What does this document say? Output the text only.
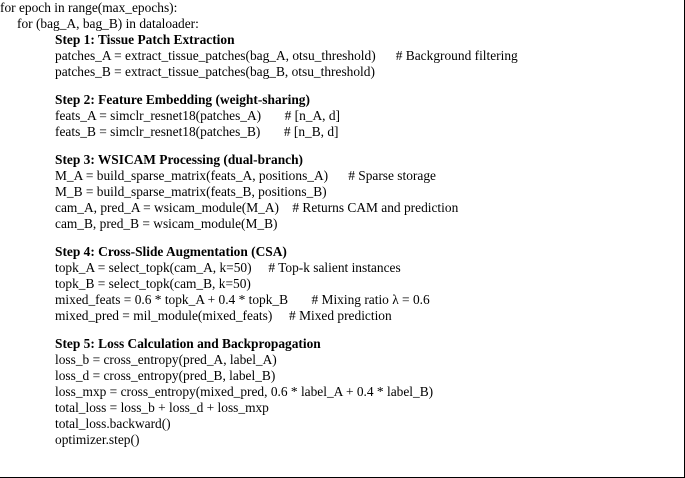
for epoch in range(max_epochs):
for (bag_A, bag_B) in dataloader:
Step 1: Tissue Patch Extraction
patches_A = extract_tissue_patches(bag_A, otsu_threshold) # Background filtering
patches_B = extract_tissue_patches(bag_B, otsu_threshold)
Step 2: Feature Embedding (weight-sharing)
feats_A = simclr_resnet18(patches_A) # [n_A, d]
feats_B = simclr_resnet18(patches_B) # [n_B, d]
Step 3: WSICAM Processing (dual-branch)
M_A = build_sparse_matrix(feats_A, positions_A) # Sparse storage
M_B = build_sparse_matrix(feats_B, positions_B)
cam_A, pred_A = wsicam_module(M_A) # Returns CAM and prediction
cam_B, pred_B = wsicam_module(M_B)
Step 4: Cross-Slide Augmentation (CSA)
topk_A = select_topk(cam_A, k=50) # Top-k salient instances
topk_B = select_topk(cam_B, k=50)
mixed_feats = 0.6 * topk_A + 0.4 * topk_B # Mixing ratio λ = 0.6
mixed_pred = mil_module(mixed_feats) # Mixed prediction
Step 5: Loss Calculation and Backpropagation
loss_b = cross_entropy(pred_A, label_A)
loss_d = cross_entropy(pred_B, label_B)
loss_mxp = cross_entropy(mixed_pred, 0.6 * label_A + 0.4 * label_B)
total_loss = loss_b + loss_d + loss_mxp
total_loss.backward()
optimizer.step()
